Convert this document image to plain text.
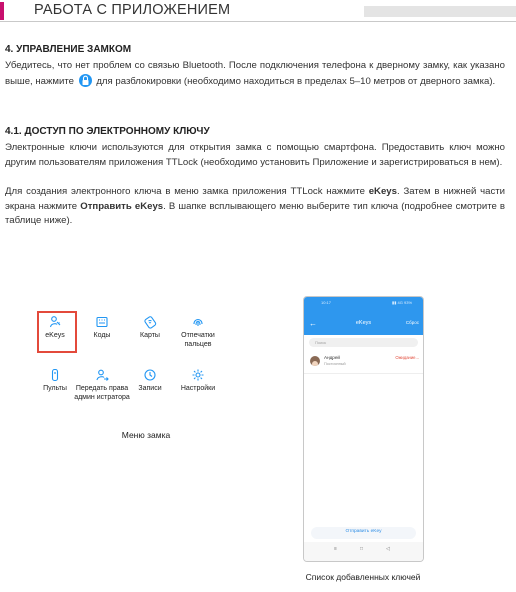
РАБОТА С ПРИЛОЖЕНИЕМ
4. УПРАВЛЕНИЕ ЗАМКОМ
Убедитесь, что нет проблем со связью Bluetooth. После подключения телефона к дверному замку, как указано выше, нажмите
для разблокировки (необходимо находиться в пределах 5–10 метров от дверного замка).
4.1. ДОСТУП ПО ЭЛЕКТРОННОМУ КЛЮЧУ
Электронные ключи используются для открытия замка с помощью смартфона. Предоставить ключ можно другим пользователям приложения TTLock (необходимо установить Приложение и зарегистрироваться в нем).
Для создания электронного ключа в меню замка приложения TTLock нажмите eKeys. Затем в нижней части экрана нажмите Отправить eKeys. В шапке всплывающего меню выберите тип ключа (подробнее смотрите в таблице ниже).
eKeys	Коды	Карты	Отпечатки пальцев
Пульты	Передать права админ истратора
Записи	Настройки
Меню замка
10:17	▮▮ 4G 93%
←	eKeys	Сброс
Поиск
Андрей
Постоянный
Ожидание...
Отправить eKey
≡	□	◁
Список добавленных ключей
